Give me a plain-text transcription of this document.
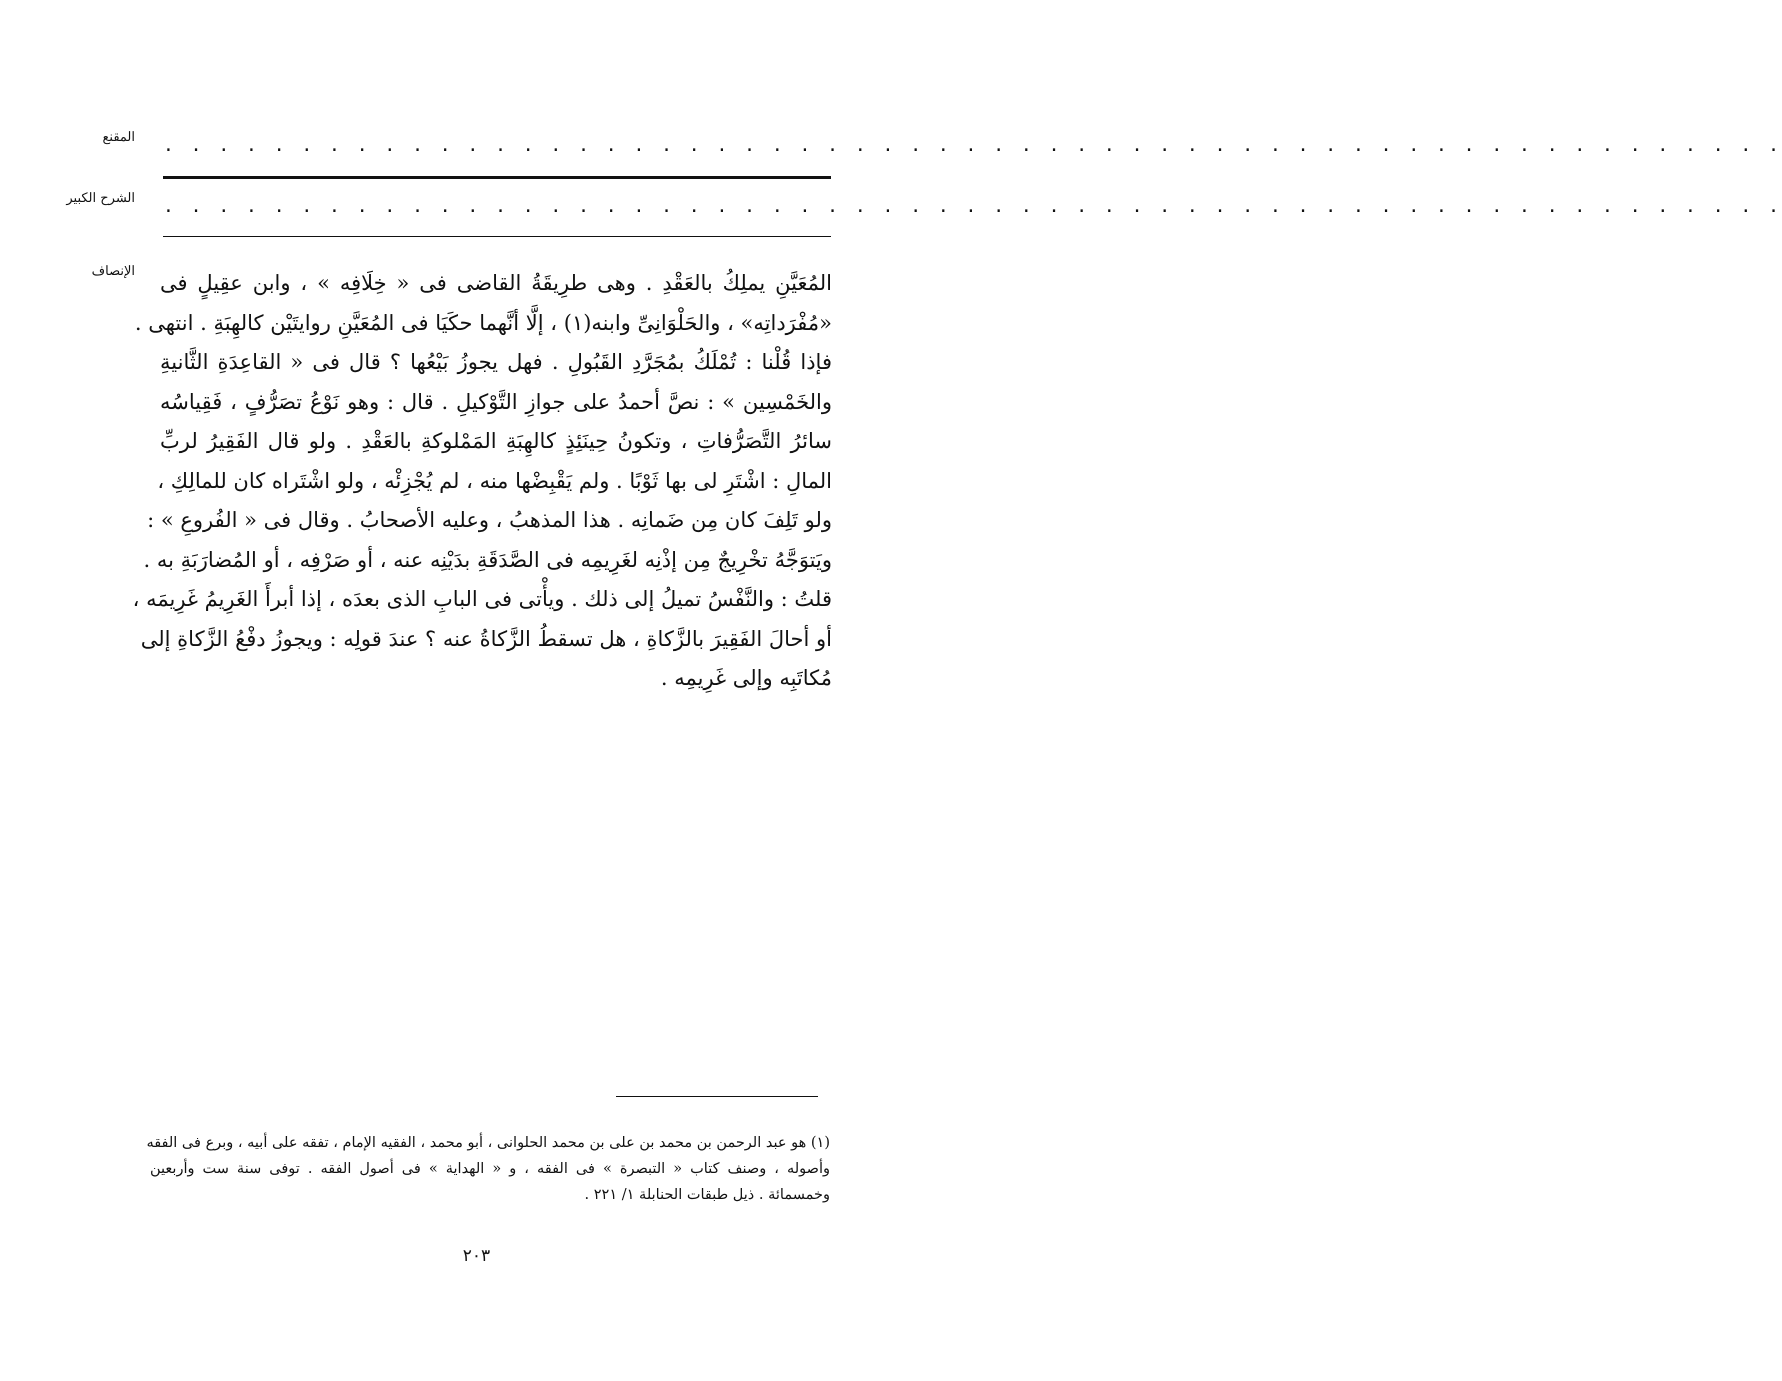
المقنع
الشرح الكبير
الإنصاف
. . . . . . . . . . . . . . . . . . . . . . . . . . . . . . . . . . . . . . . . . . . . . . . . . . . . . . . . . . .
. . . . . . . . . . . . . . . . . . . . . . . . . . . . . . . . . . . . . . . . . . . . . . . . . . . . . . . . . . .
المُعَيَّنِ يملِكُ بالعَقْدِ . وهى طرِيقَةُ القاضى فى « خِلَافِه » ، وابن عقِيلٍ فى
«مُفْرَداتِه» ، والحَلْوَانِىِّ وابنه(١) ، إلَّا أنَّهما حكَيَا فى المُعَيَّنِ روايتَيْن كالهِبَةِ . انتهى .
فإذا قُلْنا : تُمْلَكُ بمُجَرَّدِ القَبُولِ . فهل يجوزُ بَيْعُها ؟ قال فى « القاعِدَةِ الثَّانيةِ
والخَمْسِين » : نصَّ أحمدُ على جوازِ التَّوْكيلِ . قال : وهو نَوْعُ تصَرُّفٍ ، فَقِياسُه
سائرُ التَّصَرُّفاتِ ، وتكونُ حِينَئِذٍ كالهِبَةِ المَمْلوكةِ بالعَقْدِ . ولو قال الفَقِيرُ لربِّ
المالِ : اشْتَرِ لى بها ثَوْبًا . ولم يَقْبِضْها منه ، لم يُجْزِئْه ، ولو اشْتَراه كان للمالِكِ ،
ولو تَلِفَ كان مِن ضَمانِه . هذا المذهبُ ، وعليه الأصحابُ . وقال فى « الفُروعِ » :
ويَتوَجَّهُ تخْرِيجٌ مِن إذْنِه لغَرِيمِه فى الصَّدَقَةِ بدَيْنِه عنه ، أو صَرْفِه ، أو المُضارَبَةِ به .
قلتُ : والنَّفْسُ تميلُ إلى ذلك . ويأْتى فى البابِ الذى بعدَه ، إذا أبرأَ الغَرِيمُ غَرِيمَه ،
أو أحالَ الفَقِيرَ بالزَّكاةِ ، هل تسقطُ الزَّكاةُ عنه ؟ عندَ قولِه : ويجوزُ دفْعُ الزَّكاةِ إلى
مُكاتَبِه وإلى غَرِيمِه .
(١) هو عبد الرحمن بن محمد بن على بن محمد الحلوانى ، أبو محمد ، الفقيه الإمام ، تفقه على أبيه ، وبرع فى الفقه
وأصوله ، وصنف كتاب « التبصرة » فى الفقه ، و « الهداية » فى أصول الفقه . توفى سنة ست وأربعين
وخمسمائة . ذيل طبقات الحنابلة ١/ ٢٢١ .
٢٠٣
